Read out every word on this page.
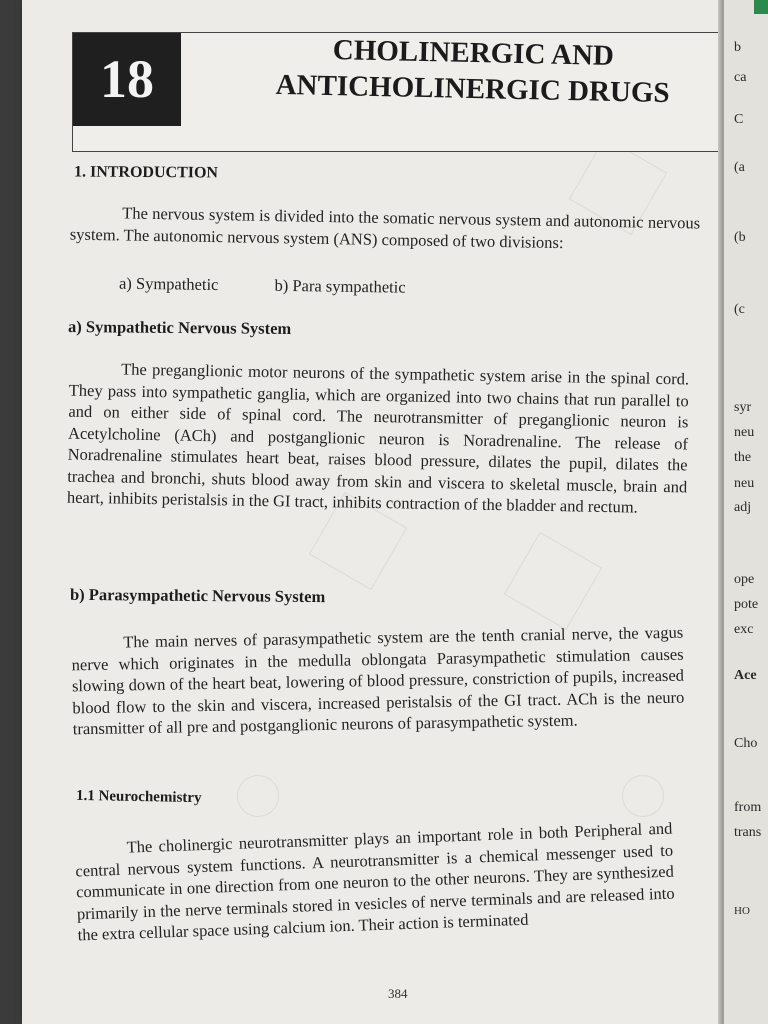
18	CHOLINERGIC AND
ANTICHOLINERGIC DRUGS
1. INTRODUCTION
The nervous system is divided into the somatic nervous system and autonomic nervous system. The autonomic nervous system (ANS) composed of two divisions:
a) Sympathetic	b) Para sympathetic
a) Sympathetic Nervous System
The preganglionic motor neurons of the sympathetic system arise in the spinal cord. They pass into sympathetic ganglia, which are organized into two chains that run parallel to and on either side of spinal cord. The neurotransmitter of preganglionic neuron is Acetylcholine (ACh) and postganglionic neuron is Noradrenaline. The release of Noradrenaline stimulates heart beat, raises blood pressure, dilates the pupil, dilates the trachea and bronchi, shuts blood away from skin and viscera to skeletal muscle, brain and heart, inhibits peristalsis in the GI tract, inhibits contraction of the bladder and rectum.
b) Parasympathetic Nervous System
The main nerves of parasympathetic system are the tenth cranial nerve, the vagus nerve which originates in the medulla oblongata Parasympathetic stimulation causes slowing down of the heart beat, lowering of blood pressure, constriction of pupils, increased blood flow to the skin and viscera, increased peristalsis of the GI tract. ACh is the neuro transmitter of all pre and postganglionic neurons of parasympathetic system.
1.1 Neurochemistry
The cholinergic neurotransmitter plays an important role in both Peripheral and central nervous system functions. A neurotransmitter is a chemical messenger used to communicate in one direction from one neuron to the other neurons. They are synthesized primarily in the nerve terminals stored in vesicles of nerve terminals and are released into the extra cellular space using calcium ion. Their action is terminated
384
b
ca
C
(a
(b
(c
syr
neu
the
neu
adj
ope
pote
exc
Ace
Cho
from
trans
HO
